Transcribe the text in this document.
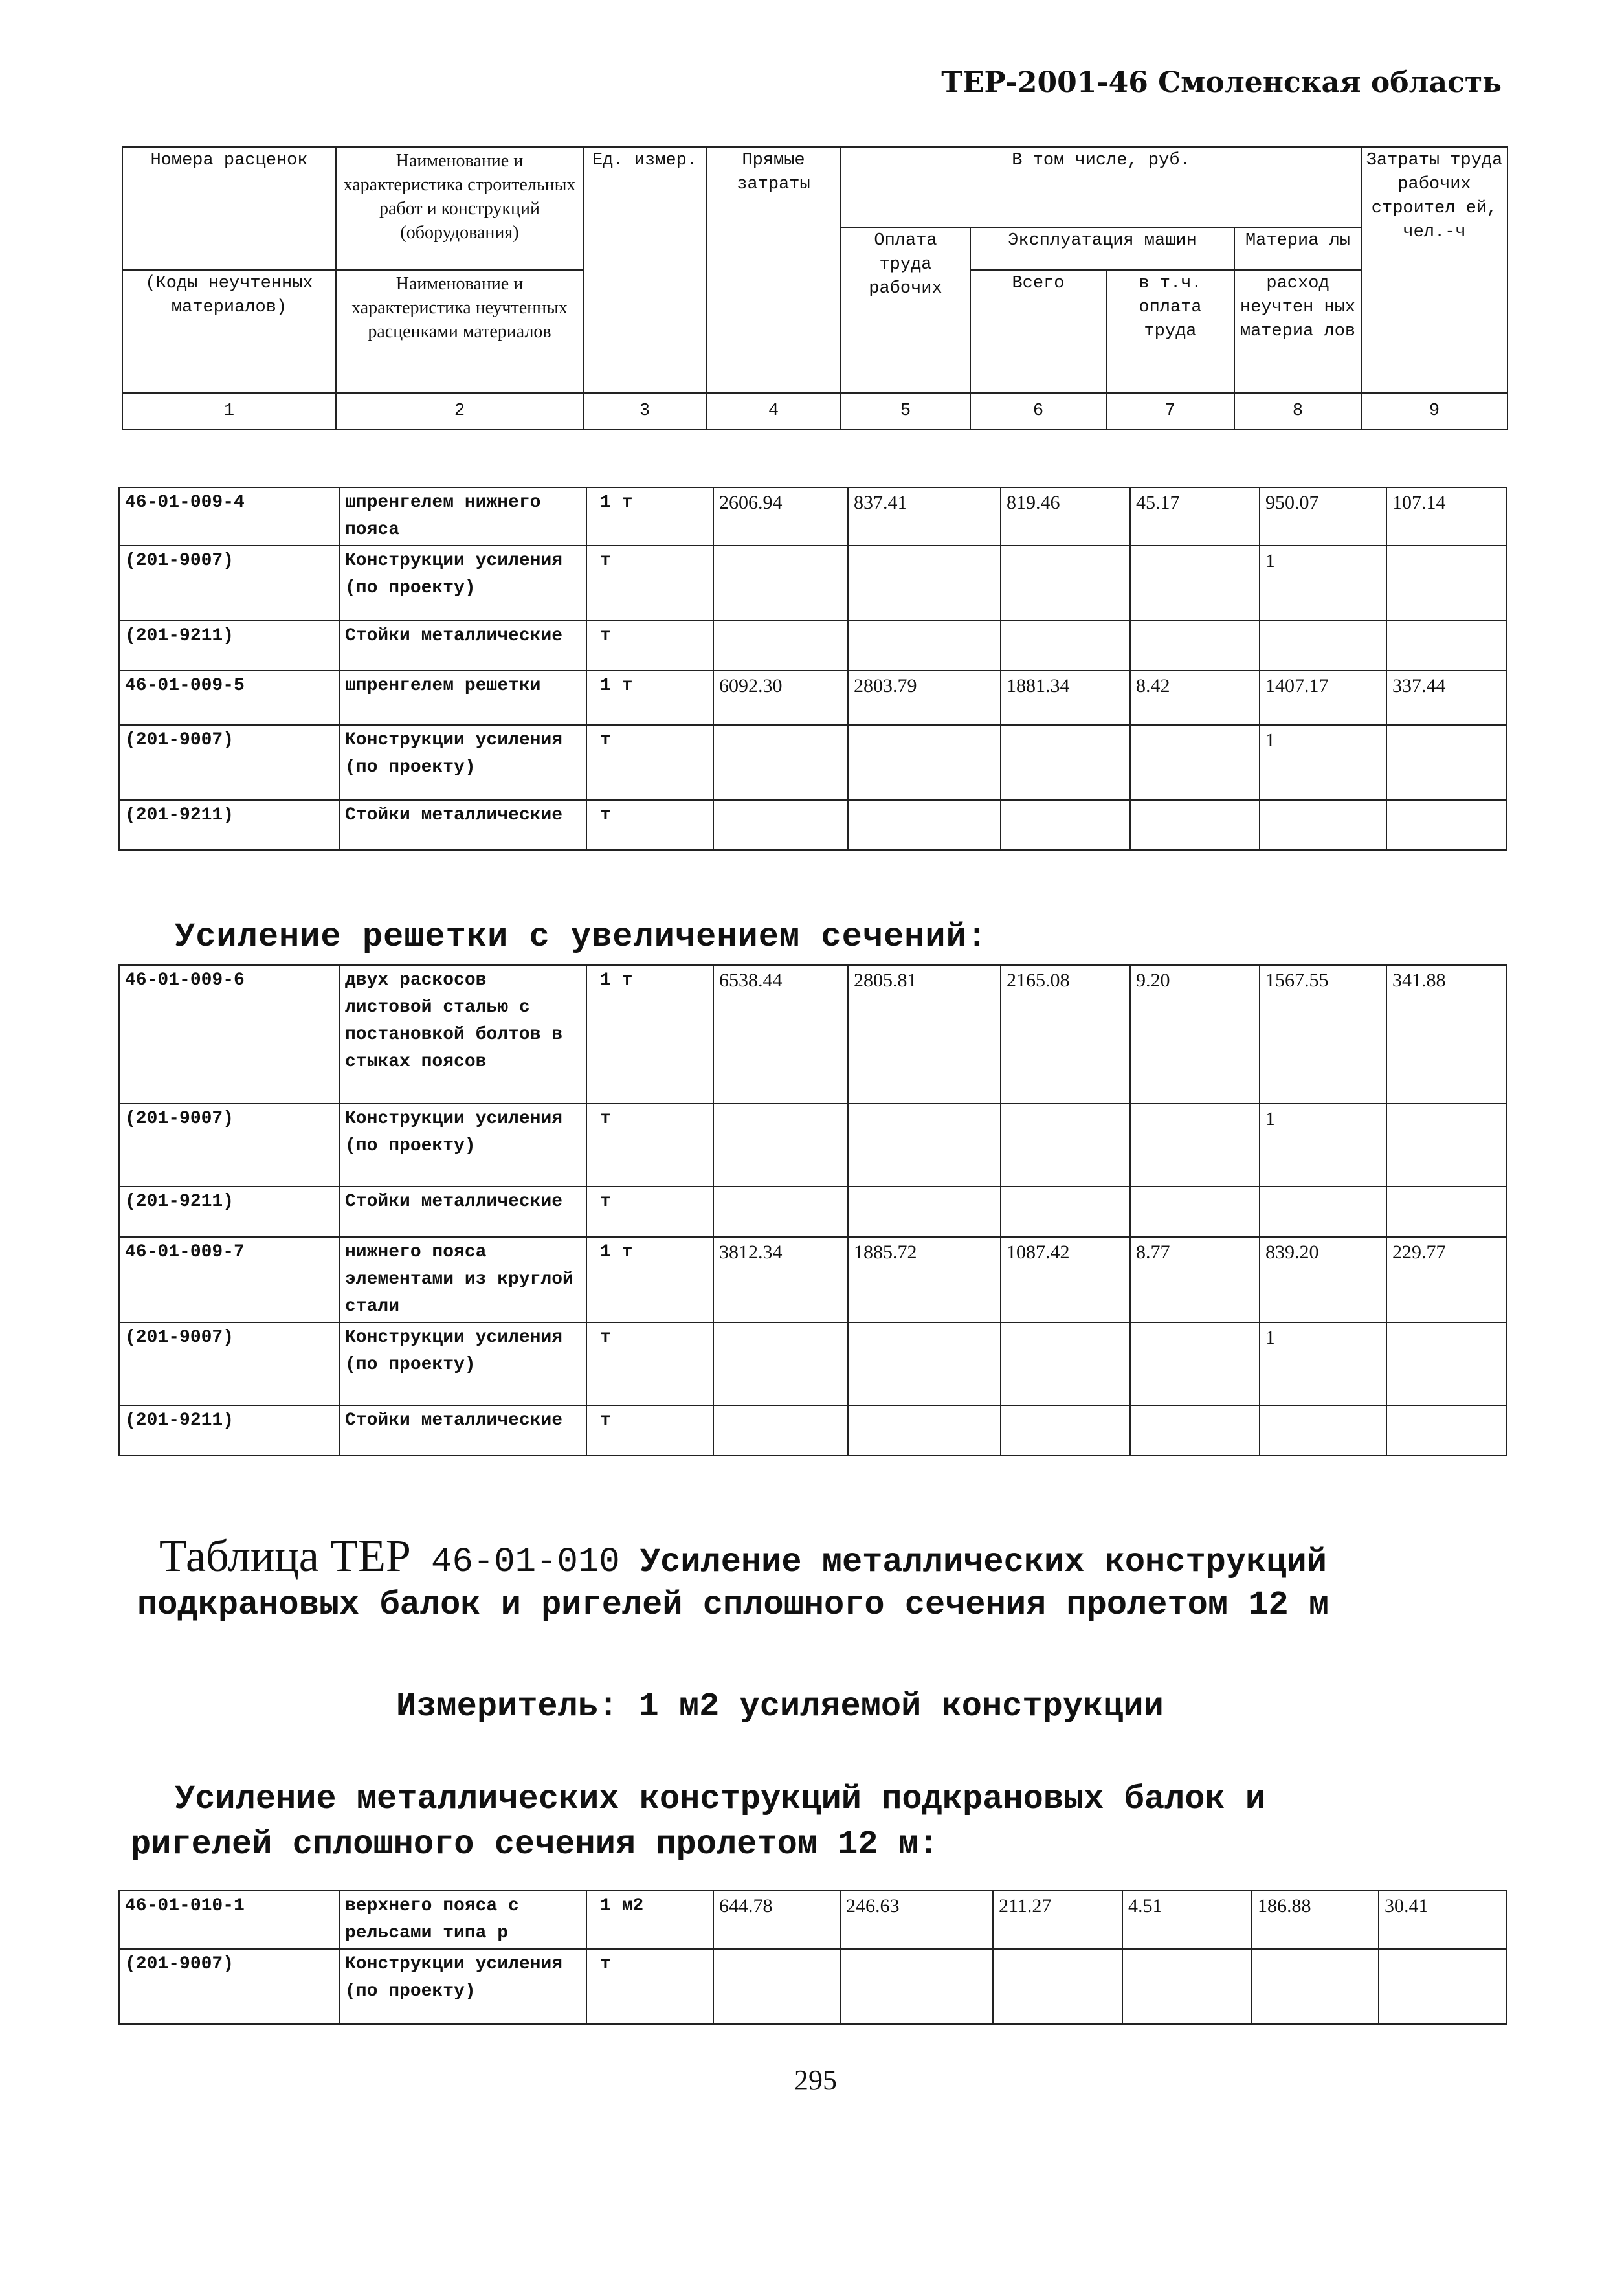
ТЕР-2001-46 Смоленская область
Номера расценок	Наименование и характеристика строительных работ и конструкций (оборудования)	Ед. измер.	Прямые затраты	В том числе, руб.				Затраты труда рабочих строител ей, чел.-ч
				Оплата труда рабочих	Эксплуатация машин		Материа лы	
(Коды неучтенных материалов)	Наименование и характеристика неучтенных расценками материалов				Всего	в т.ч. оплата труда	расход неучтен ных материа лов	

1	2	3	4	5	6	7	8	9
46-01-009-4	шпренгелем нижнего пояса	1 т	2606.94	837.41	819.46	45.17	950.07	107.14
(201-9007)	Конструкции усиления (по проекту)	т					1	
(201-9211)	Стойки металлические	т						
46-01-009-5	шпренгелем решетки	1 т	6092.30	2803.79	1881.34	8.42	1407.17	337.44
(201-9007)	Конструкции усиления (по проекту)	т					1	
(201-9211)	Стойки металлические	т						
Усиление решетки с увеличением сечений:
46-01-009-6	двух раскосов листовой сталью с постановкой болтов в стыках поясов	1 т	6538.44	2805.81	2165.08	9.20	1567.55	341.88
(201-9007)	Конструкции усиления (по проекту)	т					1	
(201-9211)	Стойки металлические	т						
46-01-009-7	нижнего пояса элементами из круглой стали	1 т	3812.34	1885.72	1087.42	8.77	839.20	229.77
(201-9007)	Конструкции усиления (по проекту)	т					1	
(201-9211)	Стойки металлические	т						
Таблица ТЕР 46-01-010 Усиление металлических конструкций
подкрановых балок и ригелей сплошного сечения пролетом 12 м
Измеритель: 1 м2 усиляемой конструкции
Усиление металлических конструкций подкрановых балок и
ригелей сплошного сечения пролетом 12 м:
46-01-010-1	верхнего пояса с рельсами типа р	1 м2	644.78	246.63	211.27	4.51	186.88	30.41
(201-9007)	Конструкции усиления (по проекту)	т						
295
